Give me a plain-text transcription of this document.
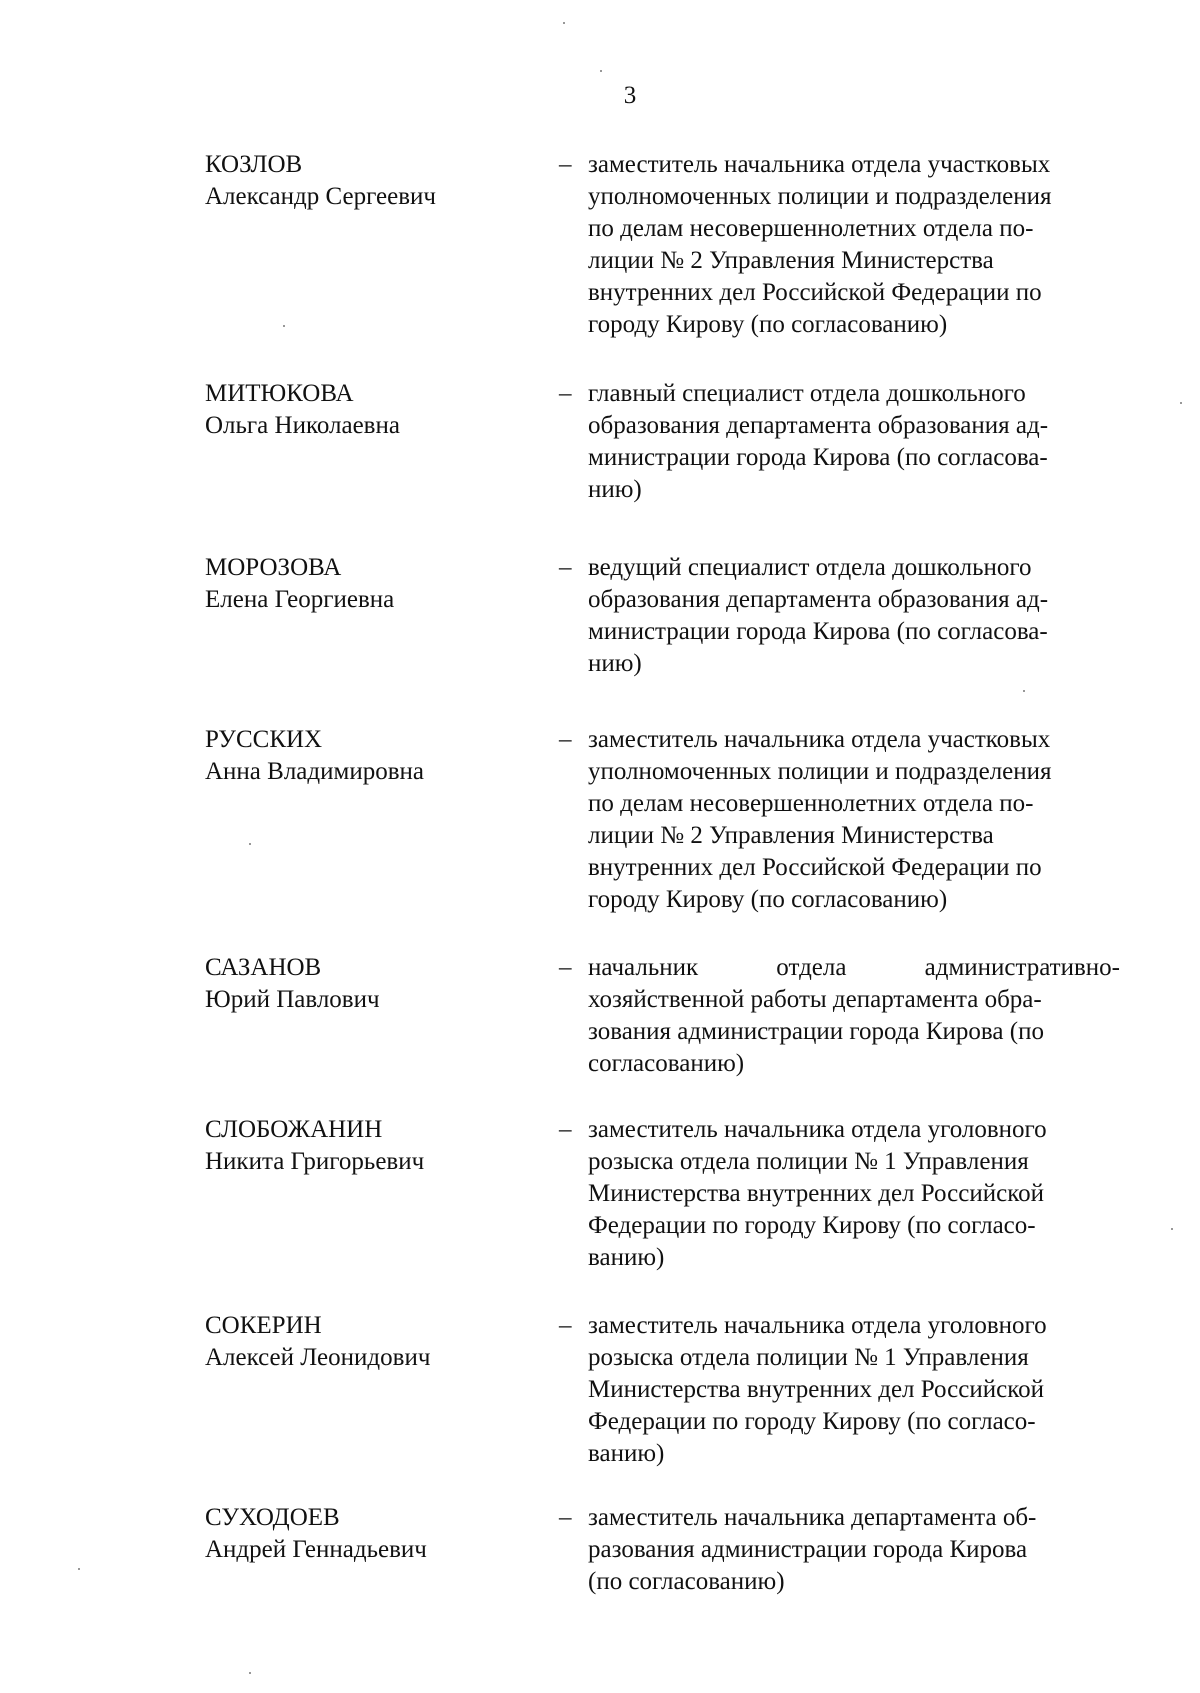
3
КОЗЛОВ
Александр Сергеевич
– заместитель начальника отдела участковых
уполномоченных полиции и подразделения
по делам несовершеннолетних отдела по-
лиции № 2 Управления Министерства
внутренних дел Российской Федерации по
городу Кирову (по согласованию)
МИТЮКОВА
Ольга Николаевна
– главный специалист отдела дошкольного
образования департамента образования ад-
министрации города Кирова (по согласова-
нию)
МОРОЗОВА
Елена Георгиевна
– ведущий специалист отдела дошкольного
образования департамента образования ад-
министрации города Кирова (по согласова-
нию)
РУССКИХ
Анна Владимировна
– заместитель начальника отдела участковых
уполномоченных полиции и подразделения
по делам несовершеннолетних отдела по-
лиции № 2 Управления Министерства
внутренних дел Российской Федерации по
городу Кирову (по согласованию)
САЗАНОВ
Юрий Павлович
– начальник отдела административно-
хозяйственной работы департамента обра-
зования администрации города Кирова (по
согласованию)
СЛОБОЖАНИН
Никита Григорьевич
– заместитель начальника отдела уголовного
розыска отдела полиции № 1 Управления
Министерства внутренних дел Российской
Федерации по городу Кирову (по согласо-
ванию)
СОКЕРИН
Алексей Леонидович
– заместитель начальника отдела уголовного
розыска отдела полиции № 1 Управления
Министерства внутренних дел Российской
Федерации по городу Кирову (по согласо-
ванию)
СУХОДОЕВ
Андрей Геннадьевич
– заместитель начальника департамента об-
разования администрации города Кирова
(по согласованию)
